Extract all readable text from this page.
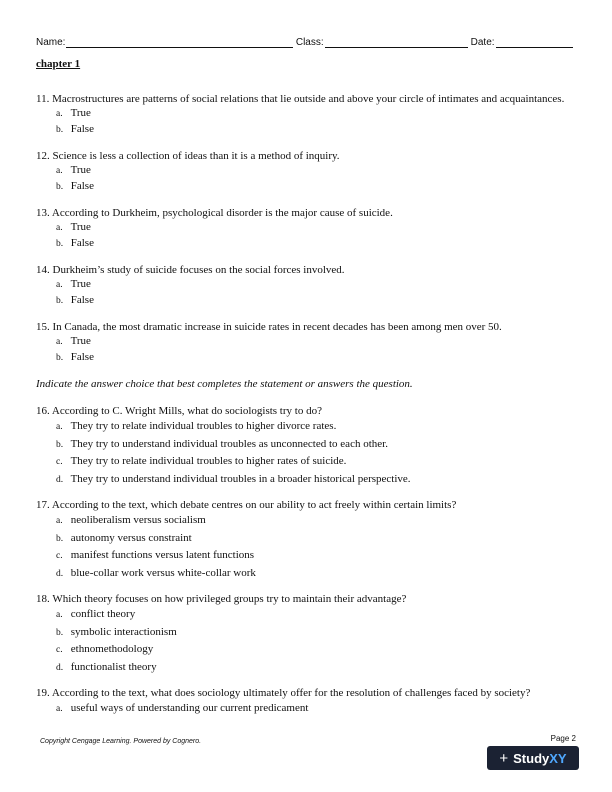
Name:	Class:	Date:
chapter 1

11. Macrostructures are patterns of social relations that lie outside and above your circle of intimates and acquaintances.

a. True
b. False

12. Science is less a collection of ideas than it is a method of inquiry.

a. True
b. False

13. According to Durkheim, psychological disorder is the major cause of suicide.

a. True
b. False

14. Durkheim’s study of suicide focuses on the social forces involved.

a. True
b. False

15. In Canada, the most dramatic increase in suicide rates in recent decades has been among men over 50.

a. True
b. False

Indicate the answer choice that best completes the statement or answers the question.

16. According to C. Wright Mills, what do sociologists try to do?

a. They try to relate individual troubles to higher divorce rates.
b. They try to understand individual troubles as unconnected to each other.
c. They try to relate individual troubles to higher rates of suicide.
d. They try to understand individual troubles in a broader historical perspective.

17. According to the text, which debate centres on our ability to act freely within certain limits?

a. neoliberalism versus socialism
b. autonomy versus constraint
c. manifest functions versus latent functions
d. blue-collar work versus white-collar work

18. Which theory focuses on how privileged groups try to maintain their advantage?

a. conflict theory
b. symbolic interactionism
c. ethnomethodology
d. functionalist theory

19. According to the text, what does sociology ultimately offer for the resolution of challenges faced by society?

a. useful ways of understanding our current predicament
Copyright Cengage Learning. Powered by Cognero.	Page 2
+ StudyXY
